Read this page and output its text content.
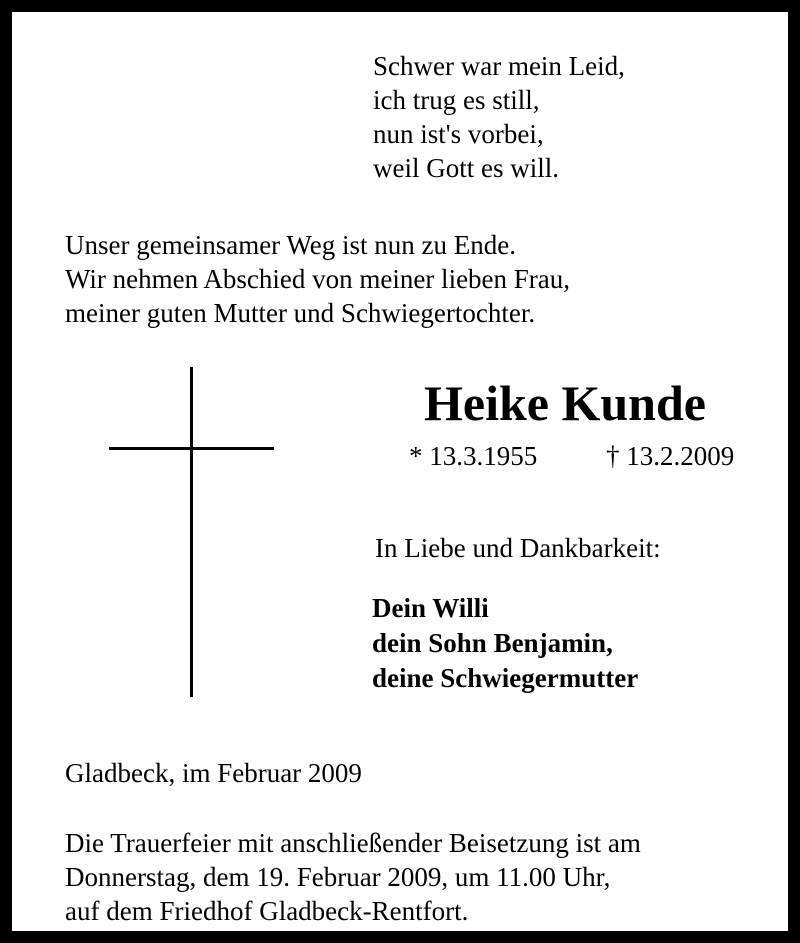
Schwer war mein Leid,
ich trug es still,
nun ist's vorbei,
weil Gott es will.
Unser gemeinsamer Weg ist nun zu Ende.
Wir nehmen Abschied von meiner lieben Frau,
meiner guten Mutter und Schwiegertochter.
Heike Kunde
* 13.3.1955	† 13.2.2009
In Liebe und Dankbarkeit:
Dein Willi
dein Sohn Benjamin,
deine Schwiegermutter
Gladbeck, im Februar 2009
Die Trauerfeier mit anschließender Beisetzung ist am
Donnerstag, dem 19. Februar 2009, um 11.00 Uhr,
auf dem Friedhof Gladbeck-Rentfort.
